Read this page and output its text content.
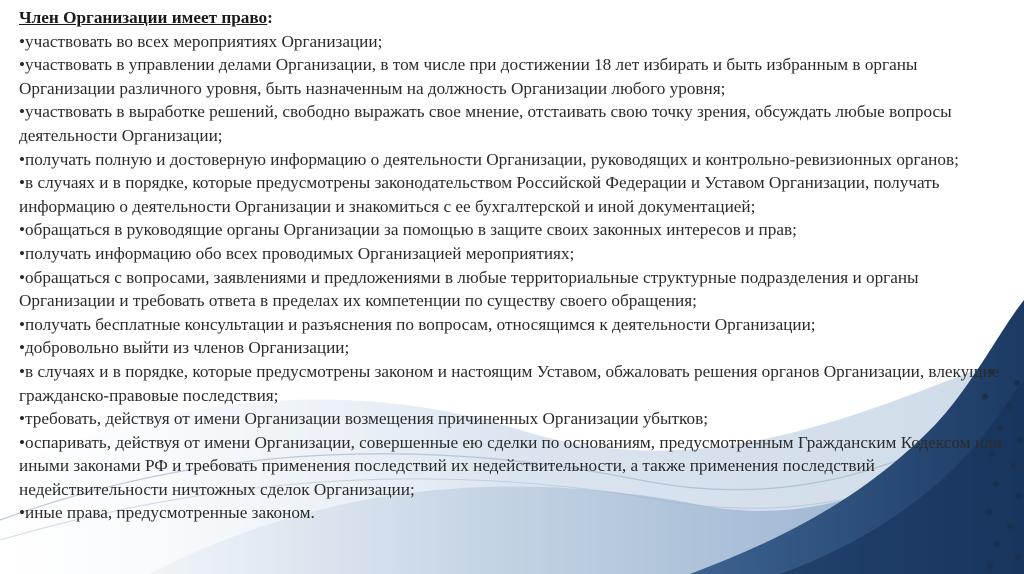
Член Организации имеет право:

•участвовать во всех мероприятиях Организации;

•участвовать в управлении делами Организации, в том числе при достижении 18 лет избирать и быть избранным в органы Организации различного уровня, быть назначенным на должность Организации любого уровня;

•участвовать в выработке решений, свободно выражать свое мнение, отстаивать свою точку зрения, обсуждать любые вопросы деятельности Организации;

•получать полную и достоверную информацию о деятельности Организации, руководящих и контрольно-ревизионных органов;

•в случаях и в порядке, которые предусмотрены законодательством Российской Федерации и Уставом Организации, получать информацию о деятельности Организации и знакомиться с ее бухгалтерской и иной документацией;

•обращаться в руководящие органы Организации за помощью в защите своих законных интересов и прав;

•получать информацию обо всех проводимых Организацией мероприятиях;

•обращаться с вопросами, заявлениями и предложениями в любые территориальные структурные подразделения и органы Организации и требовать ответа в пределах их компетенции по существу своего обращения;

•получать бесплатные консультации и разъяснения по вопросам, относящимся к деятельности Организации;

•добровольно выйти из членов Организации;

•в случаях и в порядке, которые предусмотрены законом и настоящим Уставом, обжаловать решения органов Организации, влекущие гражданско-правовые последствия;

•требовать, действуя от имени Организации возмещения причиненных Организации убытков;

•оспаривать, действуя от имени Организации, совершенные ею сделки по основаниям, предусмотренным Гражданским Кодексом или иными законами РФ и требовать применения последствий их недействительности, а также применения последствий недействительности ничтожных сделок Организации;

•иные права, предусмотренные законом.
